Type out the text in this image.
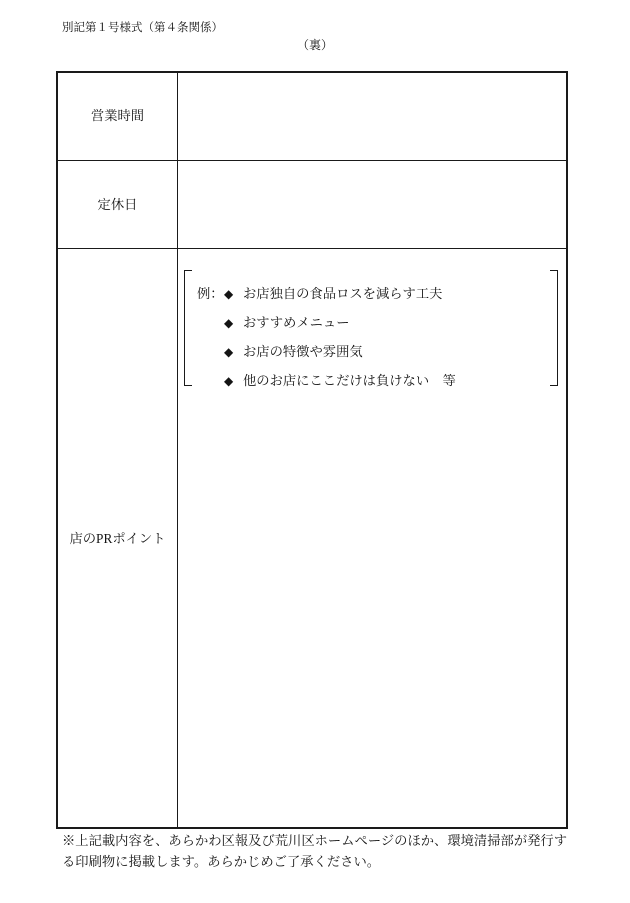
別記第１号様式（第４条関係）
（裏）
営業時間
定休日
店のPRポイント
例： ◆ お店独自の食品ロスを減らす工夫
◆ おすすめメニュー
◆ お店の特徴や雰囲気
◆ 他のお店にここだけは負けない　等
※上記載内容を、あらかわ区報及び荒川区ホームページのほか、環境清掃部が発行す
る印刷物に掲載します。あらかじめご了承ください。
